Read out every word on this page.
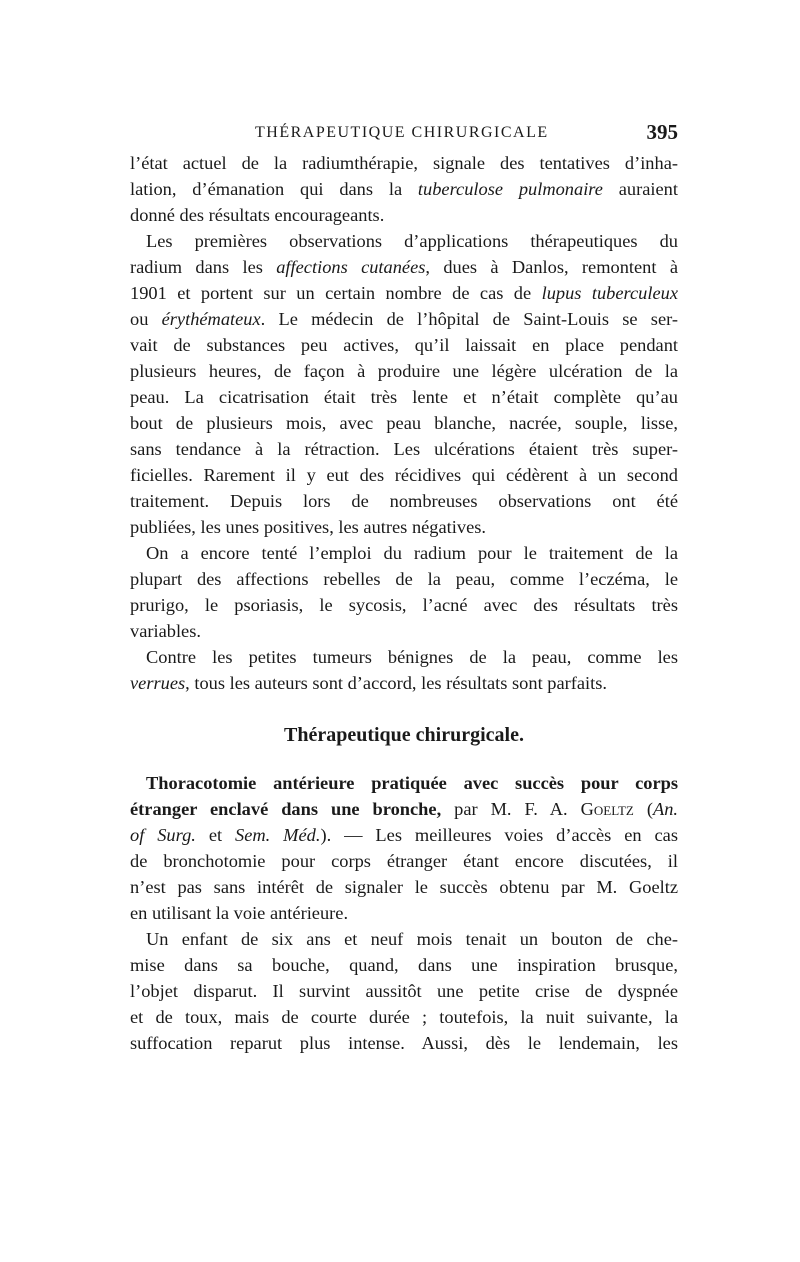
THÉRAPEUTIQUE CHIRURGICALE	395
l’état actuel de la radiumthérapie, signale des tentatives d’inha-
lation, d’émanation qui dans la tuberculose pulmonaire auraient
donné des résultats encourageants.
Les premières observations d’applications thérapeutiques du
radium dans les affections cutanées, dues à Danlos, remontent à
1901 et portent sur un certain nombre de cas de lupus tuberculeux
ou érythémateux. Le médecin de l’hôpital de Saint-Louis se ser-
vait de substances peu actives, qu’il laissait en place pendant
plusieurs heures, de façon à produire une légère ulcération de la
peau. La cicatrisation était très lente et n’était complète qu’au
bout de plusieurs mois, avec peau blanche, nacrée, souple, lisse,
sans tendance à la rétraction. Les ulcérations étaient très super-
ficielles. Rarement il y eut des récidives qui cédèrent à un second
traitement. Depuis lors de nombreuses observations ont été
publiées, les unes positives, les autres négatives.
On a encore tenté l’emploi du radium pour le traitement de la
plupart des affections rebelles de la peau, comme l’eczéma, le
prurigo, le psoriasis, le sycosis, l’acné avec des résultats très
variables.
Contre les petites tumeurs bénignes de la peau, comme les
verrues, tous les auteurs sont d’accord, les résultats sont parfaits.
Thérapeutique chirurgicale.
Thoracotomie antérieure pratiquée avec succès pour corps
étranger enclavé dans une bronche, par M. F. A. Goeltz (An.
of Surg. et Sem. Méd.). — Les meilleures voies d’accès en cas
de bronchotomie pour corps étranger étant encore discutées, il
n’est pas sans intérêt de signaler le succès obtenu par M. Goeltz
en utilisant la voie antérieure.
Un enfant de six ans et neuf mois tenait un bouton de che-
mise dans sa bouche, quand, dans une inspiration brusque,
l’objet disparut. Il survint aussitôt une petite crise de dyspnée
et de toux, mais de courte durée ; toutefois, la nuit suivante, la
suffocation reparut plus intense. Aussi, dès le lendemain, les
